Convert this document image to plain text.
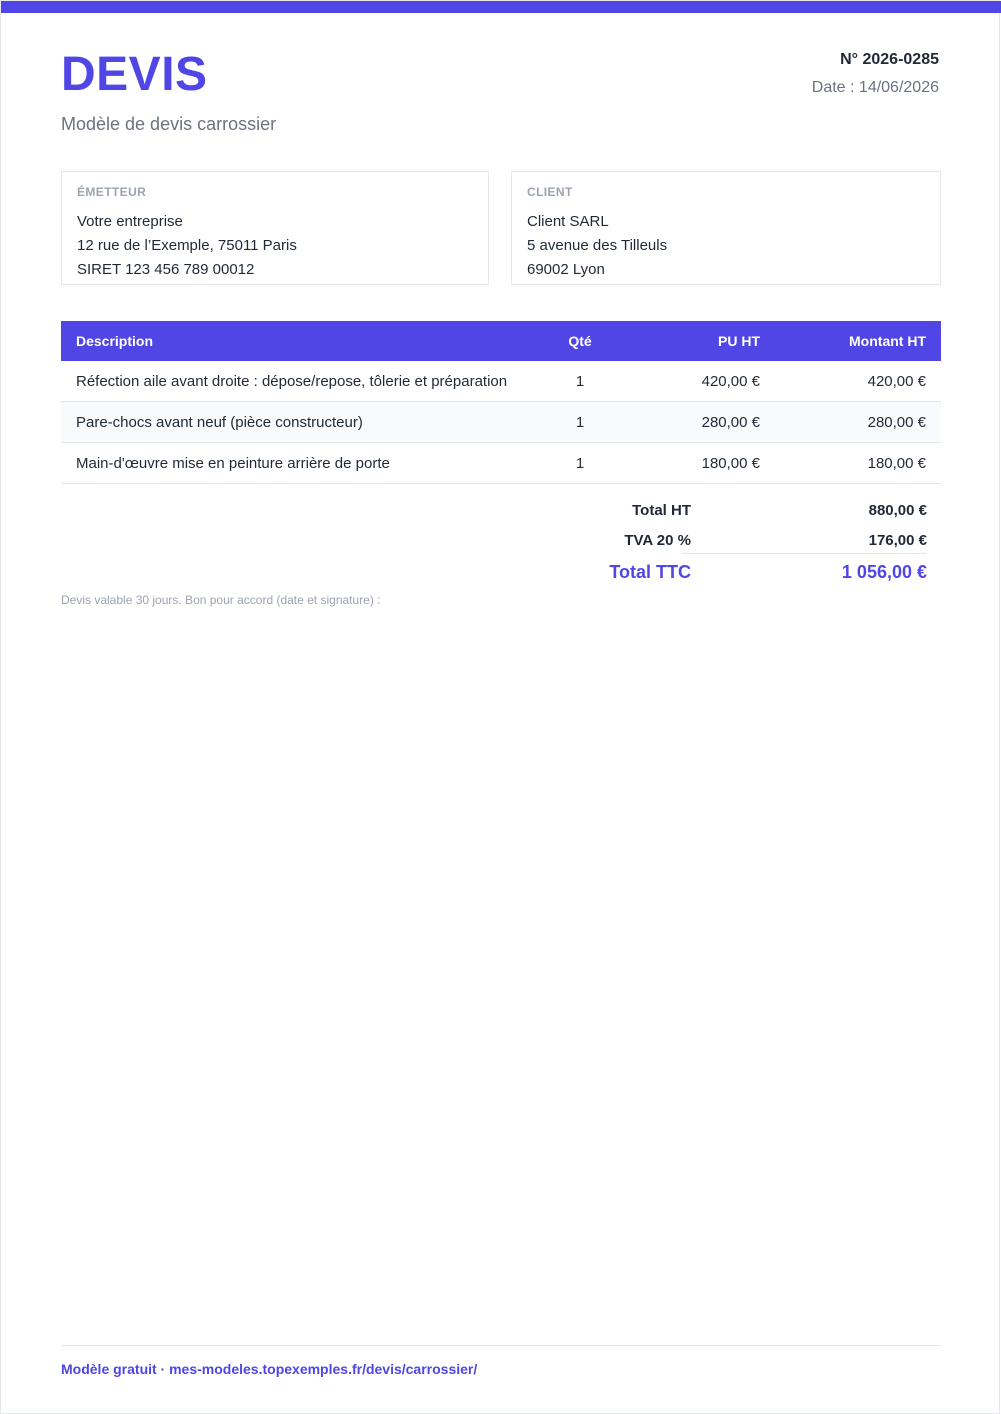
DEVIS
Modèle de devis carrossier
N° 2026-0285
Date : 14/06/2026
ÉMETTEUR
Votre entreprise
12 rue de l’Exemple, 75011 Paris
SIRET 123 456 789 00012
CLIENT
Client SARL
5 avenue des Tilleuls
69002 Lyon
Description	Qté	PU HT	Montant HT

Réfection aile avant droite : dépose/repose, tôlerie et préparation	1	420,00 €	420,00 €

Pare-chocs avant neuf (pièce constructeur)	1	280,00 €	280,00 €

Main-d'œuvre mise en peinture arrière de porte	1	180,00 €	180,00 €
Total HT	880,00 €
TVA 20 %	176,00 €
Total TTC	1 056,00 €
Devis valable 30 jours. Bon pour accord (date et signature) :
Modèle gratuit · mes-modeles.topexemples.fr/devis/carrossier/
